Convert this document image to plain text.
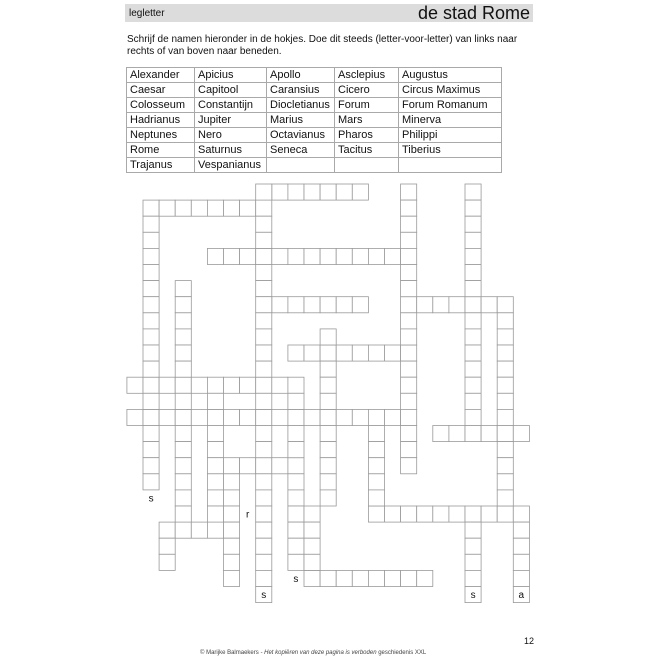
legletter	de stad Rome
Schrijf de namen hieronder in de hokjes. Doe dit steeds (letter-voor-letter) van links naar rechts of van boven naar beneden.
Alexander	Apicius	Apollo	Asclepius	Augustus
Caesar	Capitool	Caransius	Cicero	Circus Maximus
Colosseum	Constantijn	Diocletianus	Forum	Forum Romanum
Hadrianus	Jupiter	Marius	Mars	Minerva
Neptunes	Nero	Octavianus	Pharos	Philippi
Rome	Saturnus	Seneca	Tacitus	Tiberius
Trajanus	Vespanianus			
s
r
s
s	s	a
© Marijke Balmaekers - Het kopiëren van deze pagina is verboden geschiedenis XXL
12
